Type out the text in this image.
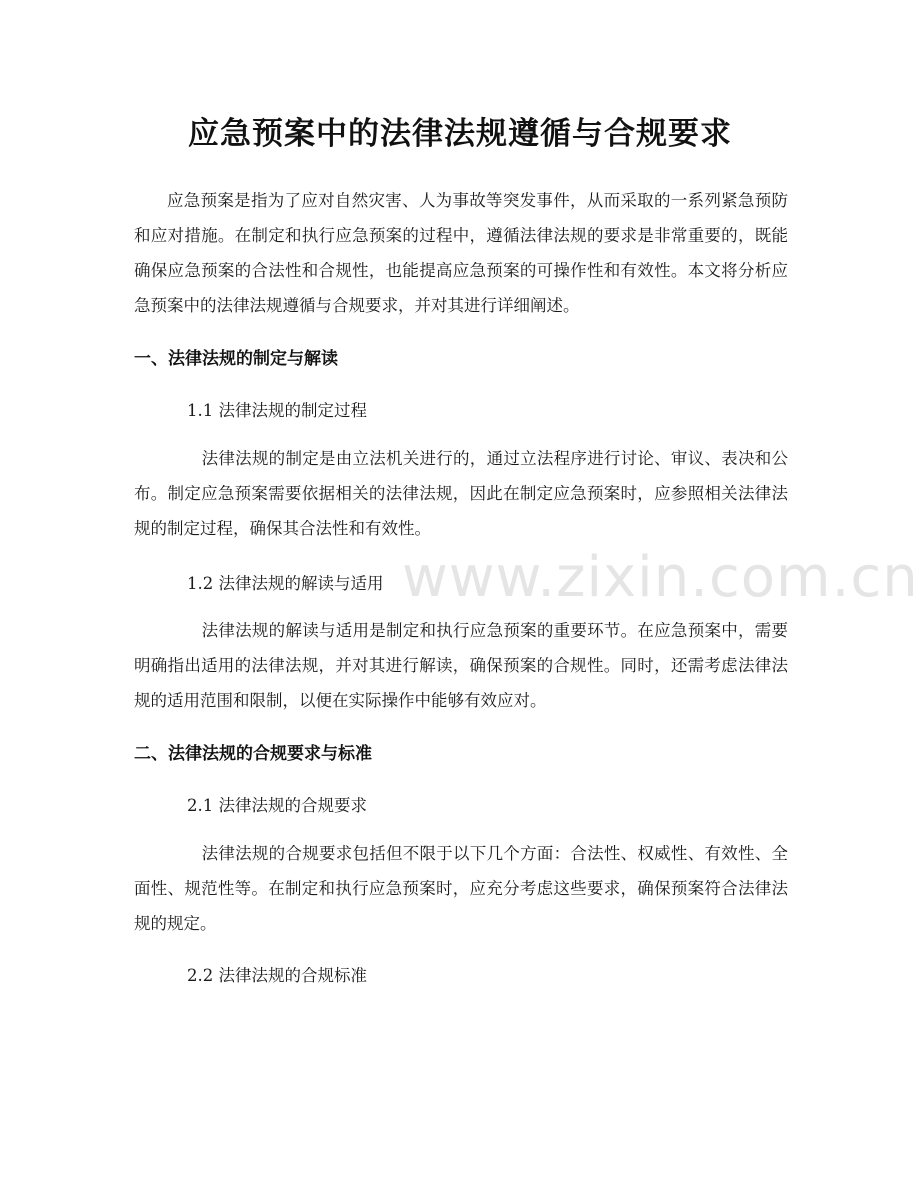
www.zixin.com.cn
应急预案中的法律法规遵循与合规要求

应急预案是指为了应对自然灾害、人为事故等突发事件，从而采取的一系列紧急预防和应对措施。在制定和执行应急预案的过程中，遵循法律法规的要求是非常重要的，既能确保应急预案的合法性和合规性，也能提高应急预案的可操作性和有效性。本文将分析应急预案中的法律法规遵循与合规要求，并对其进行详细阐述。

一、法律法规的制定与解读
1.1 法律法规的制定过程

法律法规的制定是由立法机关进行的，通过立法程序进行讨论、审议、表决和公布。制定应急预案需要依据相关的法律法规，因此在制定应急预案时，应参照相关法律法规的制定过程，确保其合法性和有效性。

1.2 法律法规的解读与适用

法律法规的解读与适用是制定和执行应急预案的重要环节。在应急预案中，需要明确指出适用的法律法规，并对其进行解读，确保预案的合规性。同时，还需考虑法律法规的适用范围和限制，以便在实际操作中能够有效应对。

二、法律法规的合规要求与标准
2.1 法律法规的合规要求

法律法规的合规要求包括但不限于以下几个方面：合法性、权威性、有效性、全面性、规范性等。在制定和执行应急预案时，应充分考虑这些要求，确保预案符合法律法规的规定。

2.2 法律法规的合规标准
